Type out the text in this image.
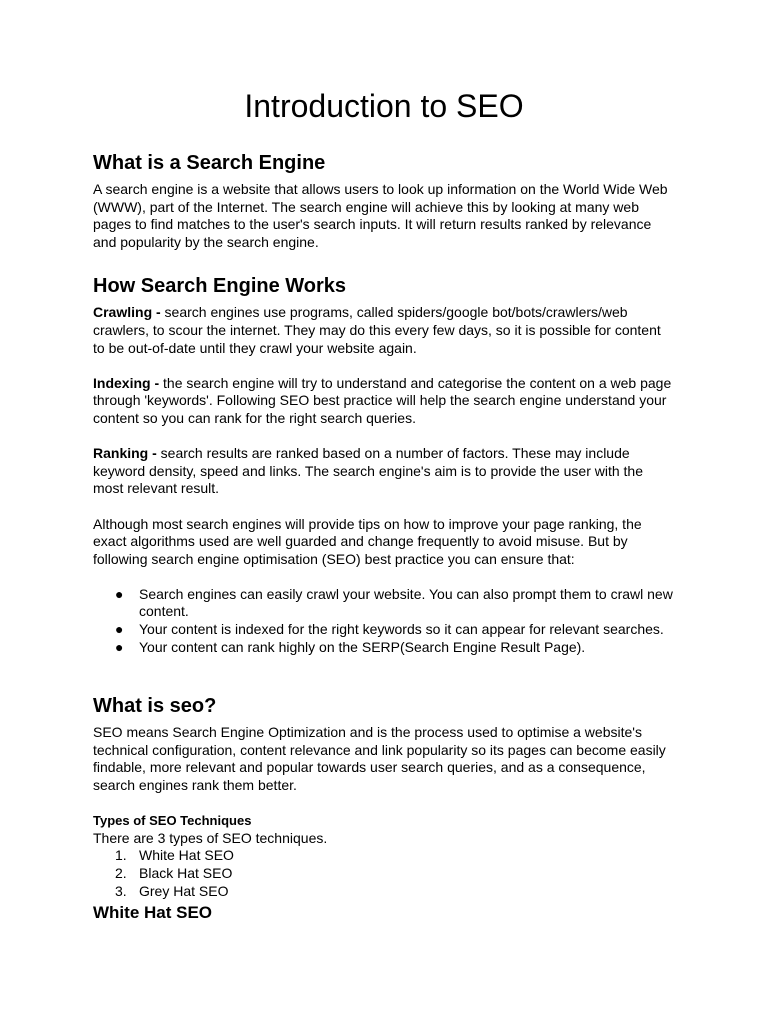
Introduction to SEO
What is a Search Engine

A search engine is a website that allows users to look up information on the World Wide Web (WWW), part of the Internet. The search engine will achieve this by looking at many web pages to find matches to the user's search inputs. It will return results ranked by relevance and popularity by the search engine.

How Search Engine Works

Crawling - search engines use programs, called spiders/google bot/bots/crawlers/web crawlers, to scour the internet. They may do this every few days, so it is possible for content to be out-of-date until they crawl your website again.

Indexing - the search engine will try to understand and categorise the content on a web page through 'keywords'. Following SEO best practice will help the search engine understand your content so you can rank for the right search queries.

Ranking - search results are ranked based on a number of factors. These may include keyword density, speed and links. The search engine's aim is to provide the user with the most relevant result.

Although most search engines will provide tips on how to improve your page ranking, the exact algorithms used are well guarded and change frequently to avoid misuse. But by following search engine optimisation (SEO) best practice you can ensure that:

● Search engines can easily crawl your website. You can also prompt them to crawl new content.
● Your content is indexed for the right keywords so it can appear for relevant searches.
● Your content can rank highly on the SERP(Search Engine Result Page).
What is seo?

SEO means Search Engine Optimization and is the process used to optimise a website's technical configuration, content relevance and link popularity so its pages can become easily findable, more relevant and popular towards user search queries, and as a consequence, search engines rank them better.

Types of SEO Techniques

There are 3 types of SEO techniques.

1. White Hat SEO
2. Black Hat SEO
3. Grey Hat SEO
White Hat SEO
